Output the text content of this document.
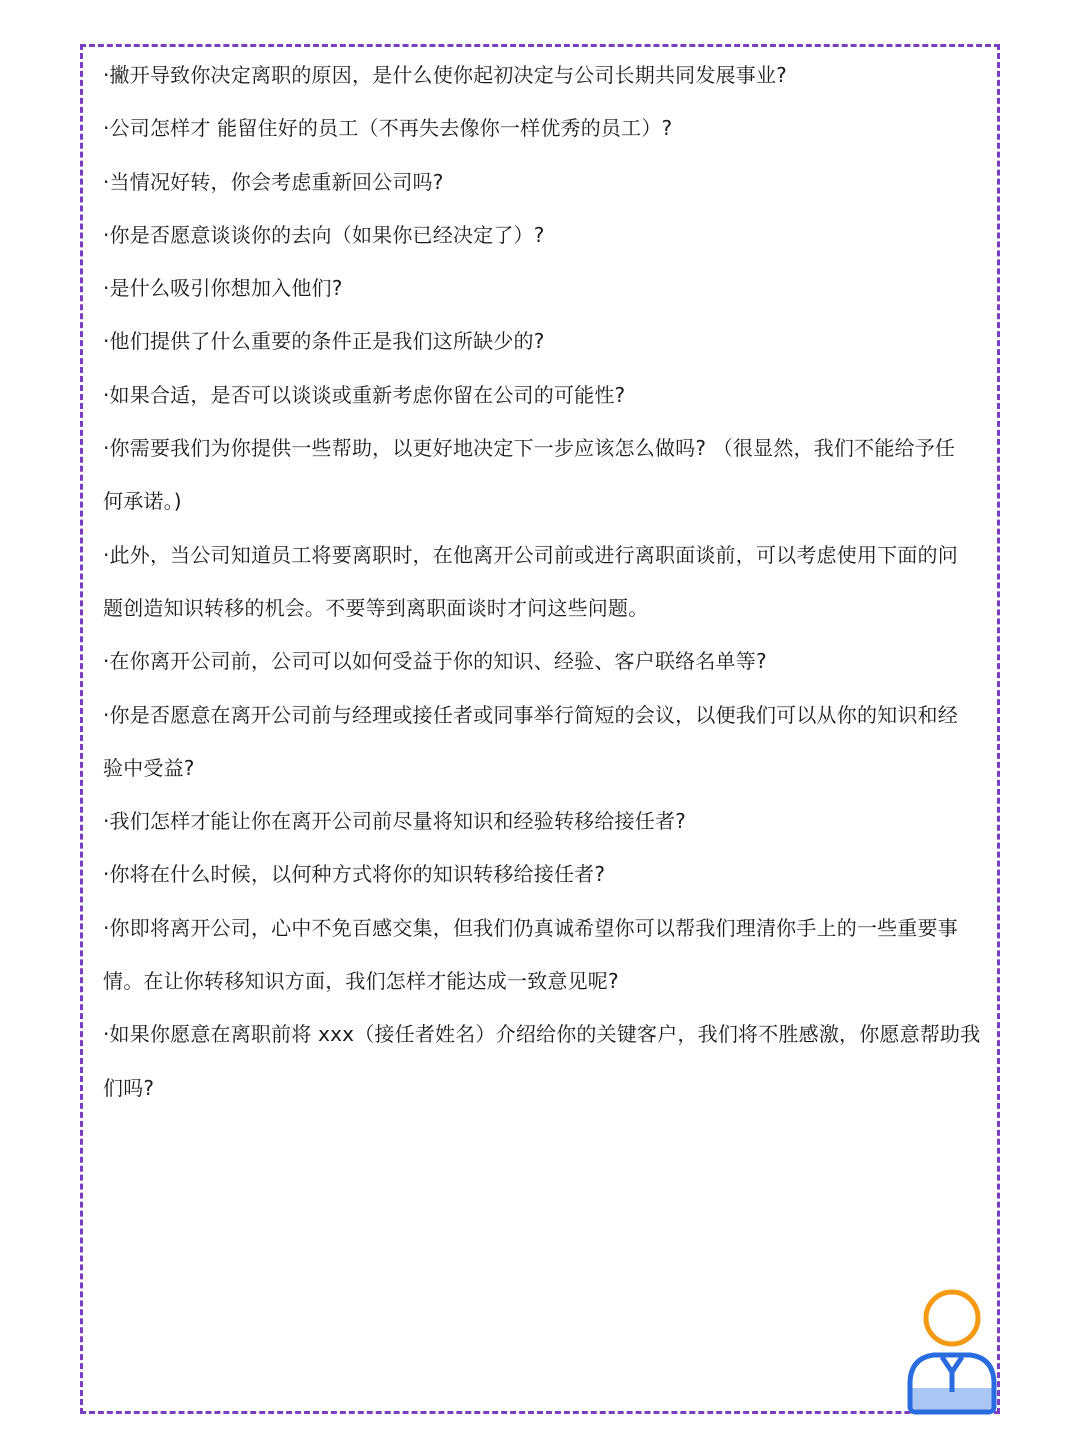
·撇开导致你决定离职的原因，是什么使你起初决定与公司长期共同发展事业?
·公司怎样才 能留住好的员工（不再失去像你一样优秀的员工）?
·当情况好转，你会考虑重新回公司吗?
·你是否愿意谈谈你的去向（如果你已经决定了）?
·是什么吸引你想加入他们?
·他们提供了什么重要的条件正是我们这所缺少的?
·如果合适，是否可以谈谈或重新考虑你留在公司的可能性?
·你需要我们为你提供一些帮助，以更好地决定下一步应该怎么做吗? （很显然，我们不能给予任
何承诺。)
·此外，当公司知道员工将要离职时，在他离开公司前或进行离职面谈前，可以考虑使用下面的问
题创造知识转移的机会。不要等到离职面谈时才问这些问题。
·在你离开公司前，公司可以如何受益于你的知识、经验、客户联络名单等?
·你是否愿意在离开公司前与经理或接任者或同事举行简短的会议，以便我们可以从你的知识和经
验中受益?
·我们怎样才能让你在离开公司前尽量将知识和经验转移给接任者?
·你将在什么时候，以何种方式将你的知识转移给接任者?
·你即将离开公司，心中不免百感交集，但我们仍真诚希望你可以帮我们理清你手上的一些重要事
情。在让你转移知识方面，我们怎样才能达成一致意见呢?
·如果你愿意在离职前将 xxx（接任者姓名）介绍给你的关键客户，我们将不胜感激，你愿意帮助我
们吗?
